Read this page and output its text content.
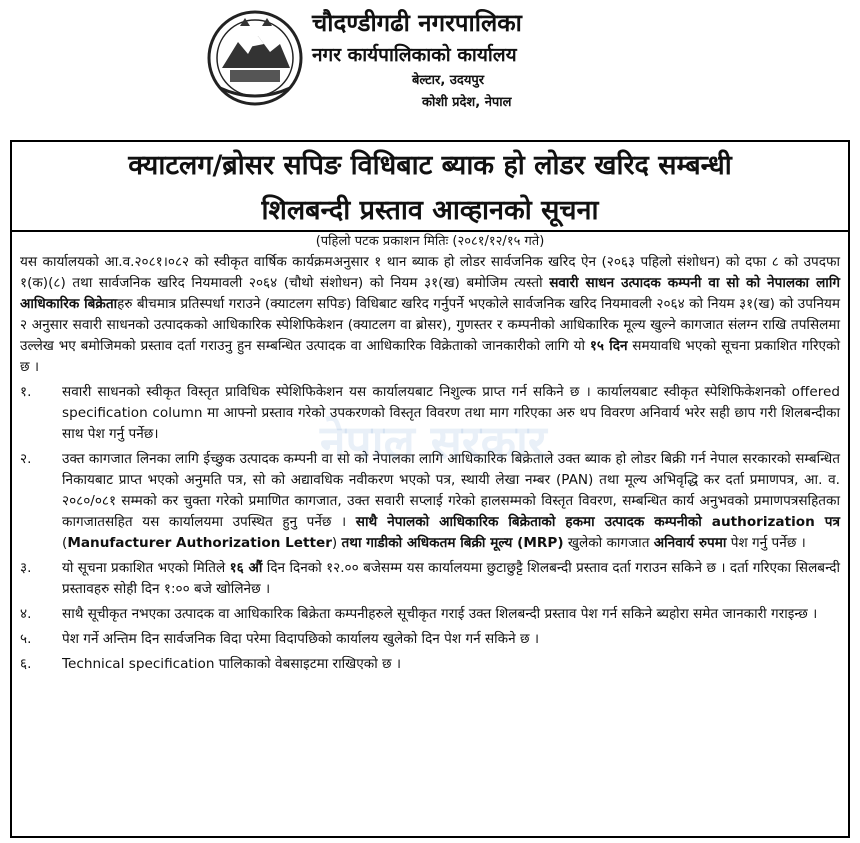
चौदण्डीगढी नगरपालिका
नगर कार्यपालिकाको कार्यालय
बेल्टार, उदयपुर
कोशी प्रदेश, नेपाल
क्याटलग/ब्रोसर सपिङ विधिबाट ब्याक हो लोडर खरिद सम्बन्धी
शिलबन्दी प्रस्ताव आव्हानको सूचना
(पहिलो पटक प्रकाशन मितिः (२०८१/१२/१५ गते)

यस कार्यालयको आ.व.२०८१।०८२ को स्वीकृत वार्षिक कार्यक्रमअनुसार १ थान ब्याक हो लोडर सार्वजनिक खरिद ऐन (२०६३ पहिलो संशोधन) को दफा ८ को उपदफा १(क)(८) तथा सार्वजनिक खरिद नियमावली २०६४ (चौथो संशोधन) को नियम ३१(ख) बमोजिम त्यस्तो सवारी साधन उत्पादक कम्पनी वा सो को नेपालका लागि आधिकारिक बिक्रेताहरु बीचमात्र प्रतिस्पर्धा गराउने (क्याटलग सपिङ) विधिबाट खरिद गर्नुपर्ने भएकोले सार्वजनिक खरिद नियमावली २०६४ को नियम ३१(ख) को उपनियम २ अनुसार सवारी साधनको उत्पादकको आधिकारिक स्पेशिफिकेशन (क्याटलग वा ब्रोसर), गुणस्तर र कम्पनीको आधिकारिक मूल्य खुल्ने कागजात संलग्न राखि तपसिलमा उल्लेख भए बमोजिमको प्रस्ताव दर्ता गराउनु हुन सम्बन्धित उत्पादक वा आधिकारिक विक्रेताको जानकारीको लागि यो १५ दिन समयावधि भएको सूचना प्रकाशित गरिएको छ ।

१.	सवारी साधनको स्वीकृत विस्तृत प्राविधिक स्पेशिफिकेशन यस कार्यालयबाट निशुल्क प्राप्त गर्न सकिने छ । कार्यालयबाट स्वीकृत स्पेशिफिकेशनको offered specification column मा आफ्नो प्रस्ताव गरेको उपकरणको विस्तृत विवरण तथा माग गरिएका अरु थप विवरण अनिवार्य भरेर सही छाप गरी शिलबन्दीका साथ पेश गर्नु पर्नेछ।
२.	उक्त कागजात लिनका लागि ईच्छुक उत्पादक कम्पनी वा सो को नेपालका लागि आधिकारिक बिक्रेताले उक्त ब्याक हो लोडर बिक्री गर्न नेपाल सरकारको सम्बन्धित निकायबाट प्राप्त भएको अनुमति पत्र, सो को अद्यावधिक नवीकरण भएको पत्र, स्थायी लेखा नम्बर (PAN) तथा मूल्य अभिवृद्धि कर दर्ता प्रमाणपत्र, आ. व. २०८०/०८१ सम्मको कर चुक्ता गरेको प्रमाणित कागजात, उक्त सवारी सप्लाई गरेको हालसम्मको विस्तृत विवरण, सम्बन्धित कार्य अनुभवको प्रमाणपत्रसहितका कागजातसहित यस कार्यालयमा उपस्थित हुनु पर्नेछ । साथै नेपालको आधिकारिक बिक्रेताको हकमा उत्पादक कम्पनीको authorization पत्र (Manufacturer Authorization Letter) तथा गाडीको अधिकतम बिक्री मूल्य (MRP) खुलेको कागजात अनिवार्य रुपमा पेश गर्नु पर्नेछ ।
३.	यो सूचना प्रकाशित भएको मितिले १६ औं दिन दिनको १२.०० बजेसम्म यस कार्यालयमा छुटाछुट्टै शिलबन्दी प्रस्ताव दर्ता गराउन सकिने छ । दर्ता गरिएका सिलबन्दी प्रस्तावहरु सोही दिन १:०० बजे खोलिनेछ ।
४.	साथै सूचीकृत नभएका उत्पादक वा आधिकारिक बिक्रेता कम्पनीहरुले सूचीकृत गराई उक्त शिलबन्दी प्रस्ताव पेश गर्न सकिने ब्यहोरा समेत जानकारी गराइन्छ ।
५.	पेश गर्ने अन्तिम दिन सार्वजनिक विदा परेमा विदापछिको कार्यालय खुलेको दिन पेश गर्न सकिने छ ।
६.	Technical specification पालिकाको वेबसाइटमा राखिएको छ ।
नेपाल सरकार
